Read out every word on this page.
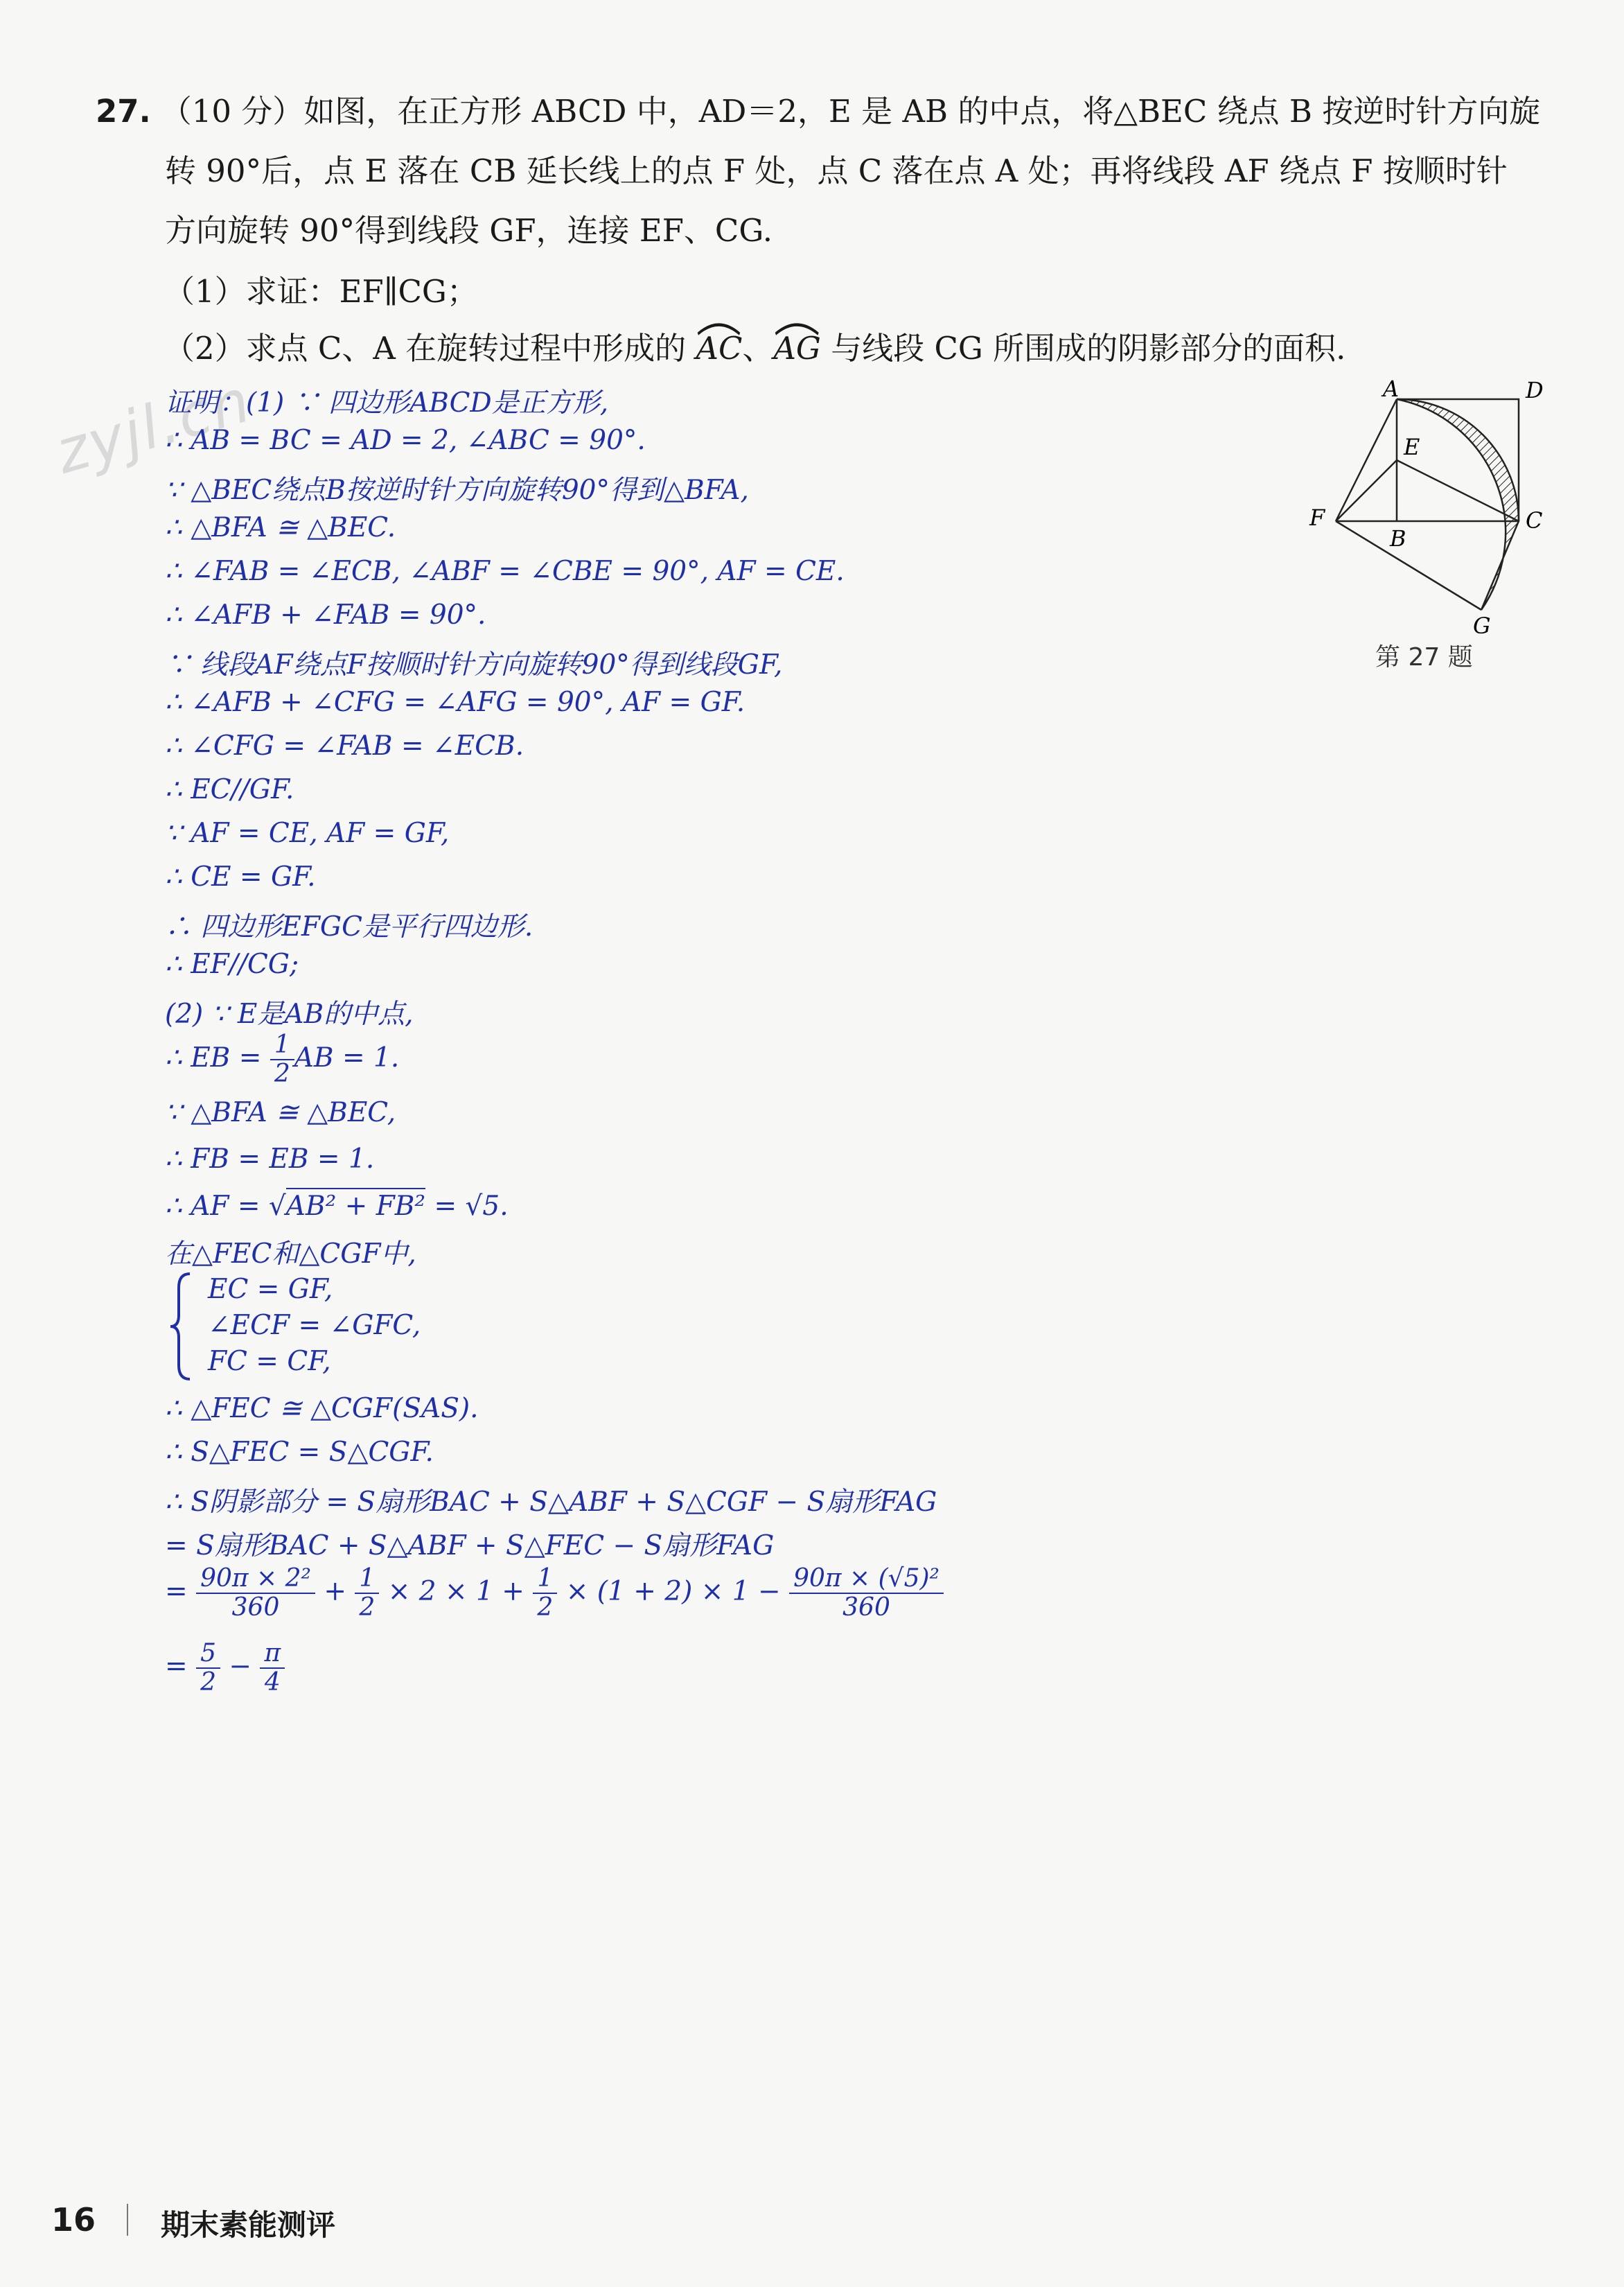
zyjl.cn
27. （10 分）如图，在正方形 ABCD 中，AD＝2，E 是 AB 的中点，将△BEC 绕点 B 按逆时针方向旋
转 90°后，点 E 落在 CB 延长线上的点 F 处，点 C 落在点 A 处；再将线段 AF 绕点 F 按顺时针
方向旋转 90°得到线段 GF，连接 EF、CG.
（1）求证：EF∥CG；
（2）求点 C、A 在旋转过程中形成的
AC、
AG 与线段 CG 所围成的阴影部分的面积.
证明：(1) ∵ 四边形ABCD是正方形,
∴ AB = BC = AD = 2, ∠ABC = 90°.
∵ △BEC绕点B按逆时针方向旋转90°得到△BFA,
∴ △BFA ≅ △BEC.
∴ ∠FAB = ∠ECB, ∠ABF = ∠CBE = 90°, AF = CE.
∴ ∠AFB + ∠FAB = 90°.
∵ 线段AF绕点F按顺时针方向旋转90°得到线段GF,
∴ ∠AFB + ∠CFG = ∠AFG = 90°, AF = GF.
∴ ∠CFG = ∠FAB = ∠ECB.
∴ EC//GF.
∵ AF = CE, AF = GF,
∴ CE = GF.
∴ 四边形EFGC是平行四边形.
∴ EF//CG;
(2) ∵ E是AB的中点,
∴ EB = $\frac{1}{2}$ AB = 1.
∵ △BFA ≅ △BEC,
∴ FB = EB = 1.
∴ AF = √AB² + FB² = √5.
在△FEC和△CGF中,
EC = GF,
∠ECF = ∠GFC,
FC = CF,
∴ △FEC ≅ △CGF(SAS).
∴ S△FEC = S△CGF.
∴ S阴影部分 = S扇形BAC + S△ABF + S△CGF − S扇形FAG
= S扇形BAC + S△ABF + S△FEC − S扇形FAG
= $\frac{\text{90π × 2²}}{360} + \frac{1}{2} \times 2 \times 1 + \frac{1}{2} \times (1 + 2) \times 1 - \frac{\text{90π × (√5)²}}{360}$
= $\frac{5}{2} - \frac{\pi}{4}$
A	D
E
F
B
C
G
第 27 题
16 期末素能测评
